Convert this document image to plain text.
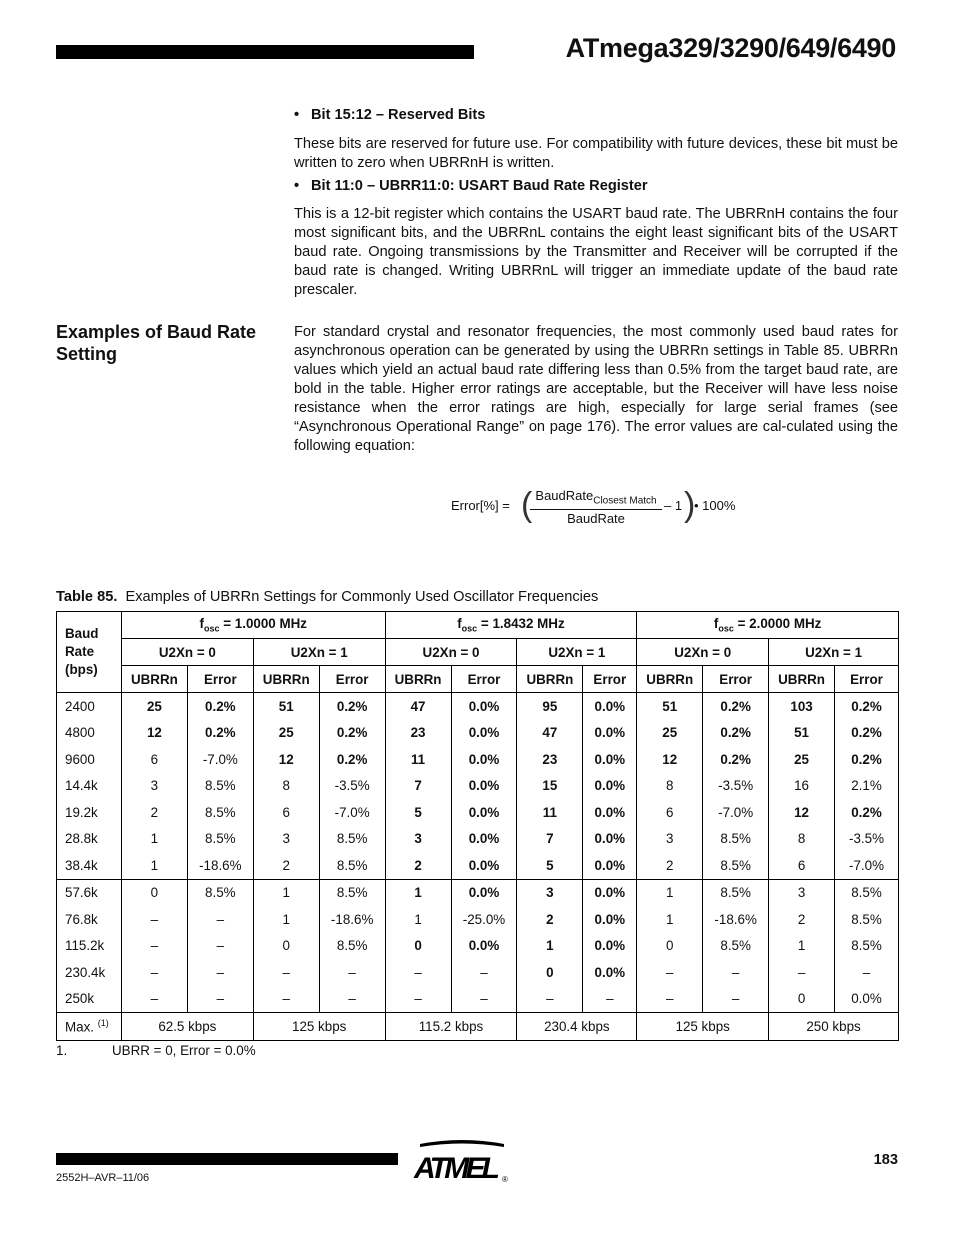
ATmega329/3290/649/6490
• Bit 15:12 – Reserved Bits

These bits are reserved for future use. For compatibility with future devices, these bit must be written to zero when UBRRnH is written.

• Bit 11:0 – UBRR11:0: USART Baud Rate Register

This is a 12-bit register which contains the USART baud rate. The UBRRnH contains the four most significant bits, and the UBRRnL contains the eight least significant bits of the USART baud rate. Ongoing transmissions by the Transmitter and Receiver will be corrupted if the baud rate is changed. Writing UBRRnL will trigger an immediate update of the baud rate prescaler.

Examples of Baud Rate Setting

For standard crystal and resonator frequencies, the most commonly used baud rates for asynchronous operation can be generated by using the UBRRn settings in Table 85. UBRRn values which yield an actual baud rate differing less than 0.5% from the target baud rate, are bold in the table. Higher error ratings are acceptable, but the Receiver will have less noise resistance when the error ratings are high, especially for large serial frames (see “Asynchronous Operational Range” on page 176). The error values are cal-culated using the following equation:

Error[%] = ( BaudRate$_{Closest Match}$
BaudRate
– 1 )
• 100%
Table 85. Examples of UBRRn Settings for Commonly Used Oscillator Frequencies
Baud
Rate
(bps)	$f_{osc} = 1.0000$ MHz				$f_{osc} = 1.8432$ MHz				$f_{osc} = 2.0000$ MHz			
	U2Xn = 0		U2Xn = 1		U2Xn = 0		U2Xn = 1		U2Xn = 0		U2Xn = 1	
	UBRRn	Error	UBRRn	Error	UBRRn	Error	UBRRn	Error	UBRRn	Error	UBRRn	Error
2400	25	0.2%	51	0.2%	47	0.0%	95	0.0%	51	0.2%	103	0.2%
4800	12	0.2%	25	0.2%	23	0.0%	47	0.0%	25	0.2%	51	0.2%
9600	6	-7.0%	12	0.2%	11	0.0%	23	0.0%	12	0.2%	25	0.2%
14.4k	3	8.5%	8	-3.5%	7	0.0%	15	0.0%	8	-3.5%	16	2.1%
19.2k	2	8.5%	6	-7.0%	5	0.0%	11	0.0%	6	-7.0%	12	0.2%
28.8k	1	8.5%	3	8.5%	3	0.0%	7	0.0%	3	8.5%	8	-3.5%
38.4k	1	-18.6%	2	8.5%	2	0.0%	5	0.0%	2	8.5%	6	-7.0%
57.6k	0	8.5%	1	8.5%	1	0.0%	3	0.0%	1	8.5%	3	8.5%
76.8k	–	–	1	-18.6%	1	-25.0%	2	0.0%	1	-18.6%	2	8.5%
115.2k	–	–	0	8.5%	0	0.0%	1	0.0%	0	8.5%	1	8.5%
230.4k	–	–	–	–	–	–	0	0.0%	–	–	–	–
250k	–	–	–	–	–	–	–	–	–	–	0	0.0%
Max. $^{(1)}$	62.5 kbps		125 kbps		115.2 kbps		230.4 kbps		125 kbps		250 kbps	
1.	UBRR = 0, Error = 0.0%
2552H–AVR–11/06
183
ATMEL ®
